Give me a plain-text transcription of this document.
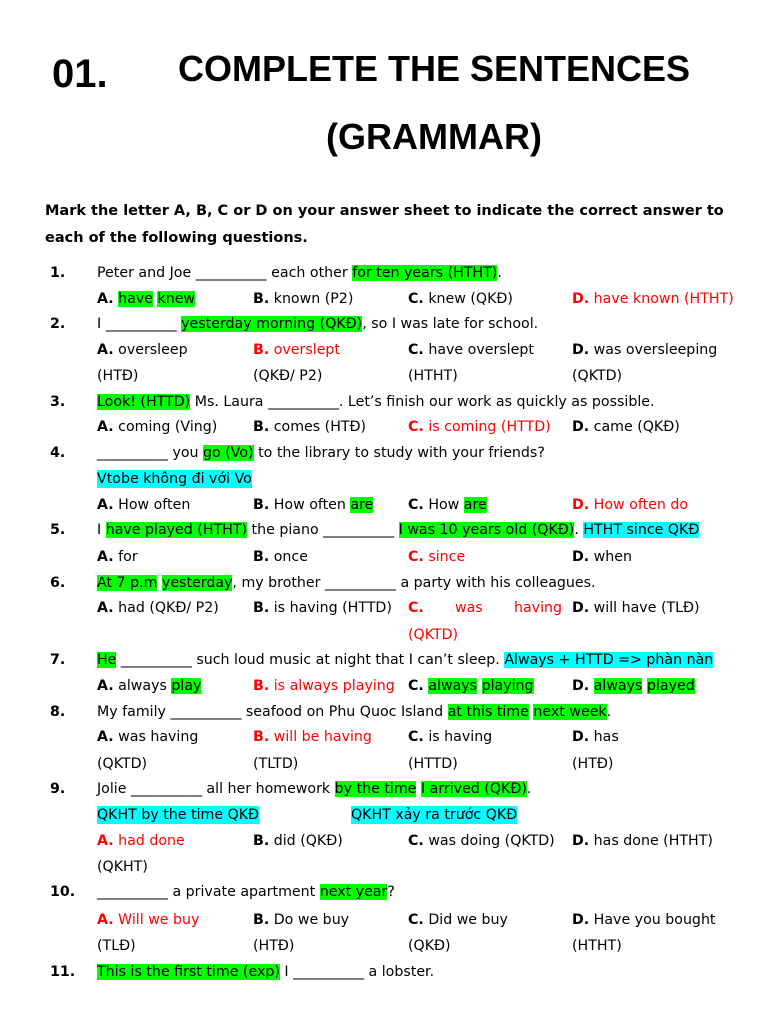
01.	COMPLETE THE SENTENCES
(GRAMMAR)
Mark the letter A, B, C or D on your answer sheet to indicate the correct answer to each of the following questions.
1. Peter and Joe __________ each other for ten years (HTHT).
A. have knew	B. known (P2)	C. knew (QKĐ)	D. have known (HTHT)
2. I __________ yesterday morning (QKĐ), so I was late for school.
A. oversleep	B. overslept	C. have overslept	D. was oversleeping
(HTĐ)	(QKĐ/ P2)	(HTHT)	(QKTD)
3. Look! (HTTD) Ms. Laura __________. Let’s finish our work as quickly as possible.
A. coming (Ving)	B. comes (HTĐ)	C. is coming (HTTD) D. came (QKĐ)
4. __________ you go (Vo) to the library to study with your friends?
Vtobe không đi với Vo
A. How often	B. How often are C. How are	D. How often do
5. I have played (HTHT) the piano __________ I was 10 years old (QKĐ). HTHT since QKĐ
A. for	B. once	C. since	D. when
6. At 7 p.m yesterday, my brother __________ a party with his colleagues.
A. had (QKĐ/ P2) B. is having (HTTD) C. was having D. will have (TLĐ)
(QKTD)
7. He __________ such loud music at night that I can’t sleep. Always + HTTD => phàn nàn
A. always play	B. is always playing C. always playing	D. always played
8. My family __________ seafood on Phu Quoc Island at this time next week.
A. was having	B. will be having	C. is having	D. has
(QKTD)	(TLTD)	(HTTD)	(HTĐ)
9. Jolie __________ all her homework by the time I arrived (QKĐ).
QKHT by the time QKĐ	QKHT xảy ra trước QKĐ
A. had done	B. did (QKĐ)	C. was doing (QKTD) D. has done (HTHT)
(QKHT)
10. __________ a private apartment next year?
A. Will we buy	B. Do we buy	C. Did we buy	D. Have you bought
(TLĐ)	(HTĐ)	(QKĐ)	(HTHT)
11. This is the first time (exp) I __________ a lobster.
